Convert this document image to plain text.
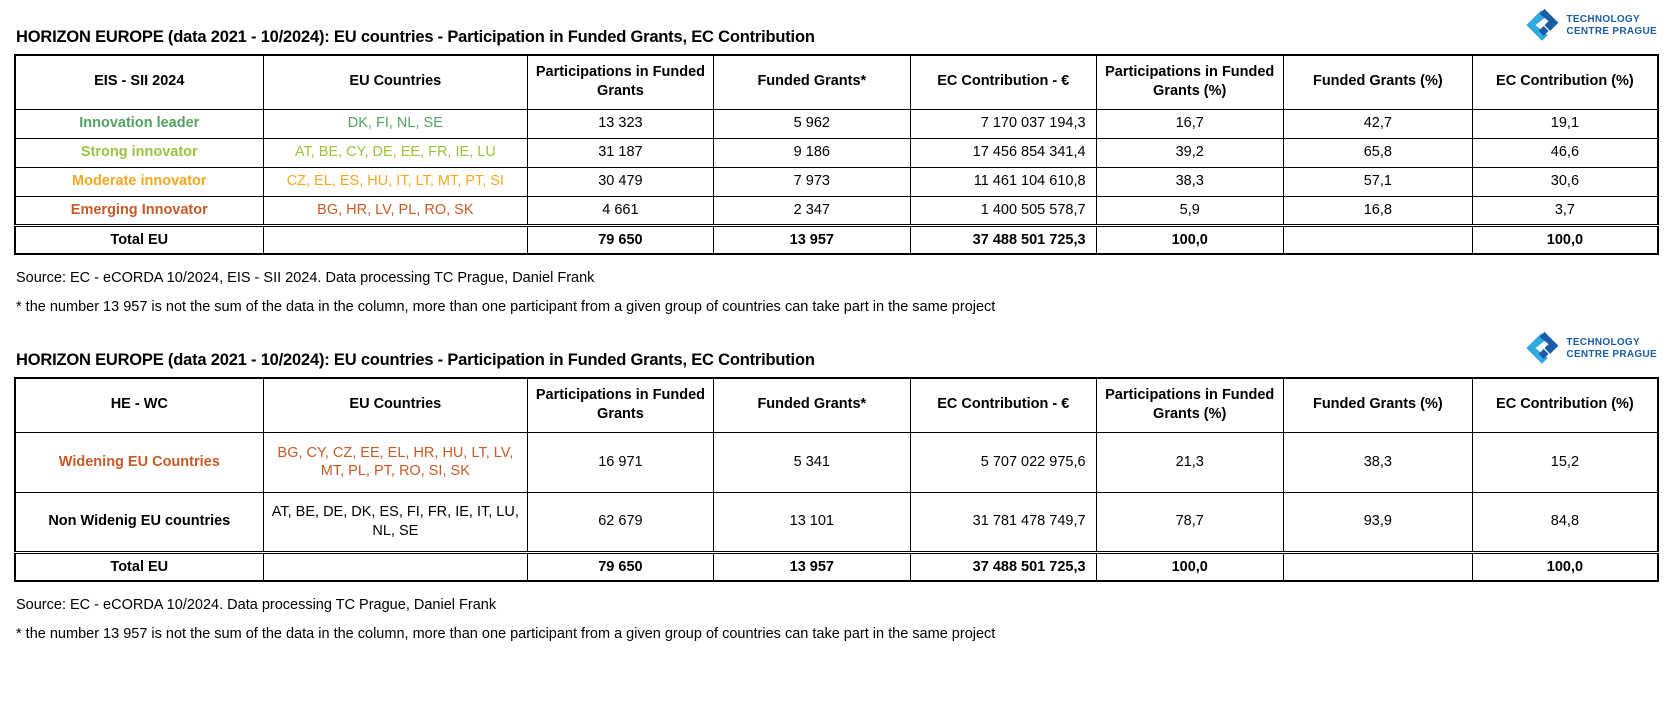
HORIZON EUROPE (data 2021 - 10/2024): EU countries - Participation in Funded Grants, EC Contribution
TECHNOLOGY
CENTRE PRAGUE
EIS - SII 2024	EU Countries	Participations in Funded Grants	Funded Grants*	EC Contribution - €	Participations in Funded Grants (%)	Funded Grants (%)	EC Contribution (%)
Innovation leader	DK, FI, NL, SE	13 323	5 962	7 170 037 194,3	16,7	42,7	19,1
Strong innovator	AT, BE, CY, DE, EE, FR, IE, LU	31 187	9 186	17 456 854 341,4	39,2	65,8	46,6
Moderate innovator	CZ, EL, ES, HU, IT, LT, MT, PT, SI	30 479	7 973	11 461 104 610,8	38,3	57,1	30,6
Emerging Innovator	BG, HR, LV, PL, RO, SK	4 661	2 347	1 400 505 578,7	5,9	16,8	3,7
Total EU		79 650	13 957	37 488 501 725,3	100,0		100,0

Source: EC - eCORDA 10/2024, EIS - SII 2024. Data processing TC Prague, Daniel Frank

* the number 13 957 is not the sum of the data in the column, more than one participant from a given group of countries can take part in the same project

HORIZON EUROPE (data 2021 - 10/2024): EU countries - Participation in Funded Grants, EC Contribution
TECHNOLOGY
CENTRE PRAGUE
HE - WC	EU Countries	Participations in Funded Grants	Funded Grants*	EC Contribution - €	Participations in Funded Grants (%)	Funded Grants (%)	EC Contribution (%)
Widening EU Countries	BG, CY, CZ, EE, EL, HR, HU, LT, LV, MT, PL, PT, RO, SI, SK	16 971	5 341	5 707 022 975,6	21,3	38,3	15,2
Non Widenig EU countries	AT, BE, DE, DK, ES, FI, FR, IE, IT, LU, NL, SE	62 679	13 101	31 781 478 749,7	78,7	93,9	84,8
Total EU		79 650	13 957	37 488 501 725,3	100,0		100,0

Source: EC - eCORDA 10/2024. Data processing TC Prague, Daniel Frank

* the number 13 957 is not the sum of the data in the column, more than one participant from a given group of countries can take part in the same project
